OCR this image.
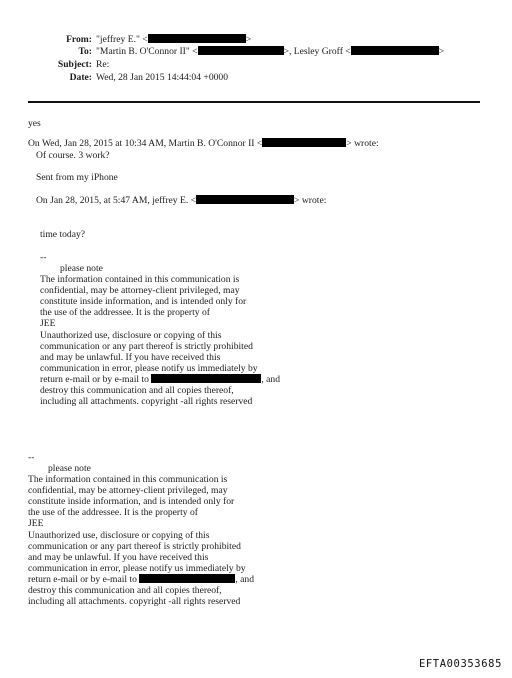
From: "jeffrey E." <	>
To: "Martin B. O'Connor II" <	>, Lesley Groff <	>
Subject: Re:
Date: Wed, 28 Jan 2015 14:44:04 +0000
yes
On Wed, Jan 28, 2015 at 10:34 AM, Martin B. O'Connor II <	> wrote:
Of course. 3 work?
Sent from my iPhone
On Jan 28, 2015, at 5:47 AM, jeffrey E. <	> wrote:
time today?
--
please note
The information contained in this communication is
confidential, may be attorney-client privileged, may
constitute inside information, and is intended only for
the use of the addressee. It is the property of
JEE
Unauthorized use, disclosure or copying of this
communication or any part thereof is strictly prohibited
and may be unlawful. If you have received this
communication in error, please notify us immediately by
return e-mail or by e-mail to	, and
destroy this communication and all copies thereof,
including all attachments. copyright -all rights reserved
--
please note
The information contained in this communication is
confidential, may be attorney-client privileged, may
constitute inside information, and is intended only for
the use of the addressee. It is the property of
JEE
Unauthorized use, disclosure or copying of this
communication or any part thereof is strictly prohibited
and may be unlawful. If you have received this
communication in error, please notify us immediately by
return e-mail or by e-mail to	, and
destroy this communication and all copies thereof,
including all attachments. copyright -all rights reserved
EFTA00353685
